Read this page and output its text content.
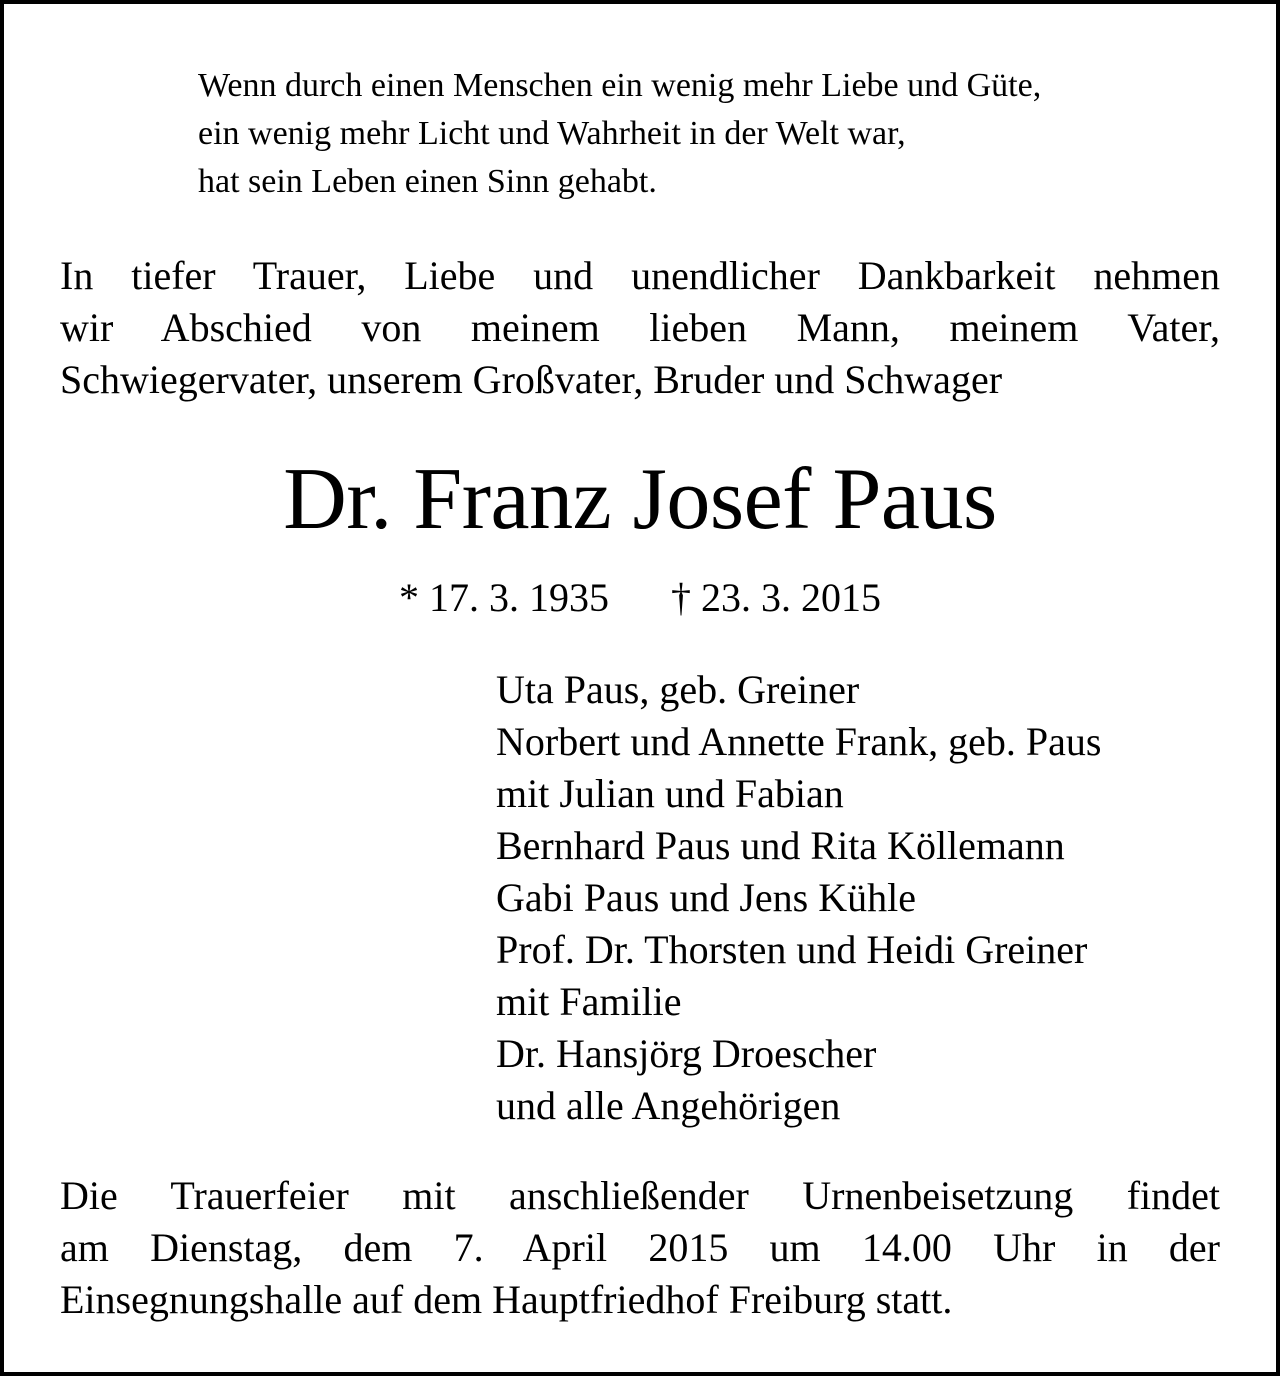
Wenn durch einen Menschen ein wenig mehr Liebe und Güte,
ein wenig mehr Licht und Wahrheit in der Welt war,
hat sein Leben einen Sinn gehabt.
In tiefer Trauer, Liebe und unendlicher Dankbarkeit nehmen
wir Abschied von meinem lieben Mann, meinem Vater,
Schwiegervater, unserem Großvater, Bruder und Schwager
Dr. Franz Josef Paus
* 17. 3. 1935 † 23. 3. 2015
Uta Paus, geb. Greiner
Norbert und Annette Frank, geb. Paus
mit Julian und Fabian
Bernhard Paus und Rita Köllemann
Gabi Paus und Jens Kühle
Prof. Dr. Thorsten und Heidi Greiner
mit Familie
Dr. Hansjörg Droescher
und alle Angehörigen
Die Trauerfeier mit anschließender Urnenbeisetzung findet
am Dienstag, dem 7. April 2015 um 14.00 Uhr in der
Einsegnungshalle auf dem Hauptfriedhof Freiburg statt.
